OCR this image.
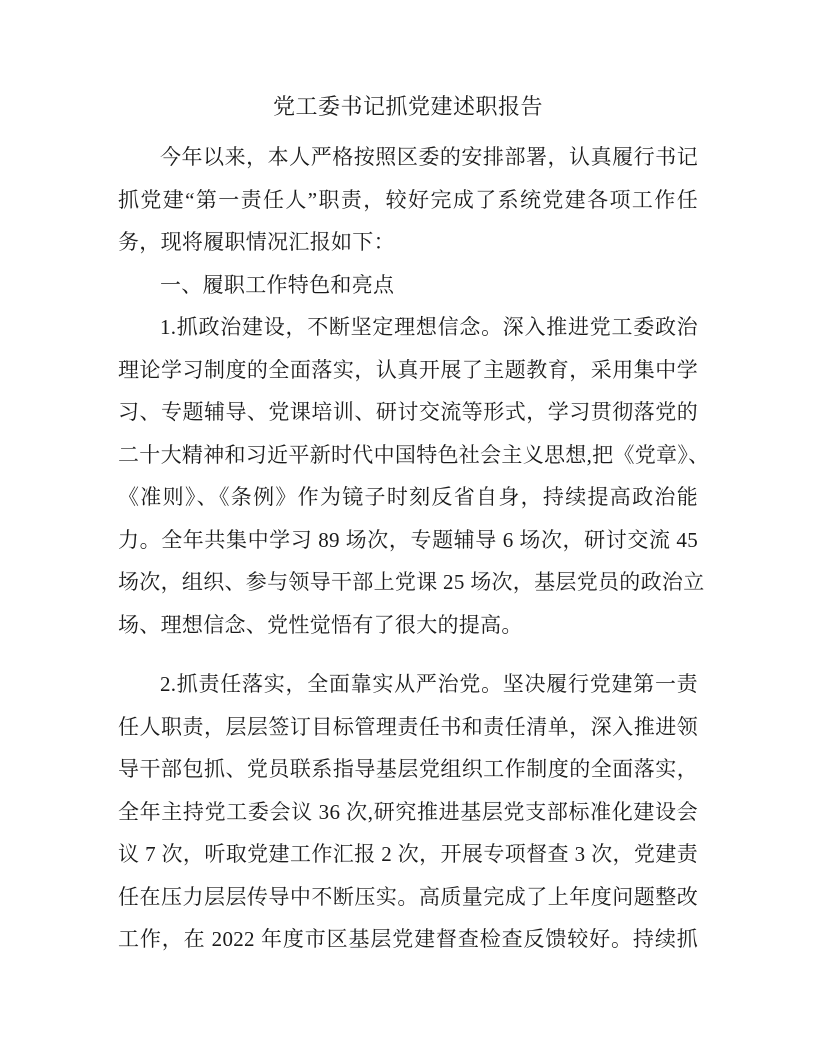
党工委书记抓党建述职报告
今年以来，本人严格按照区委的安排部署，认真履行书记
抓党建“第一责任人”职责，较好完成了系统党建各项工作任
务，现将履职情况汇报如下：
一、履职工作特色和亮点
1.抓政治建设，不断坚定理想信念。深入推进党工委政治
理论学习制度的全面落实，认真开展了主题教育，采用集中学
习、专题辅导、党课培训、研讨交流等形式，学习贯彻落党的
二十大精神和习近平新时代中国特色社会主义思想,把《党章》、
《准则》、《条例》作为镜子时刻反省自身，持续提高政治能
力。全年共集中学习 89 场次，专题辅导 6 场次，研讨交流 45
场次，组织、参与领导干部上党课 25 场次，基层党员的政治立
场、理想信念、党性觉悟有了很大的提高。
2.抓责任落实，全面靠实从严治党。坚决履行党建第一责
任人职责，层层签订目标管理责任书和责任清单，深入推进领
导干部包抓、党员联系指导基层党组织工作制度的全面落实，
全年主持党工委会议 36 次,研究推进基层党支部标准化建设会
议 7 次，听取党建工作汇报 2 次，开展专项督查 3 次，党建责
任在压力层层传导中不断压实。高质量完成了上年度问题整改
工作，在 2022 年度市区基层党建督查检查反馈较好。持续抓
